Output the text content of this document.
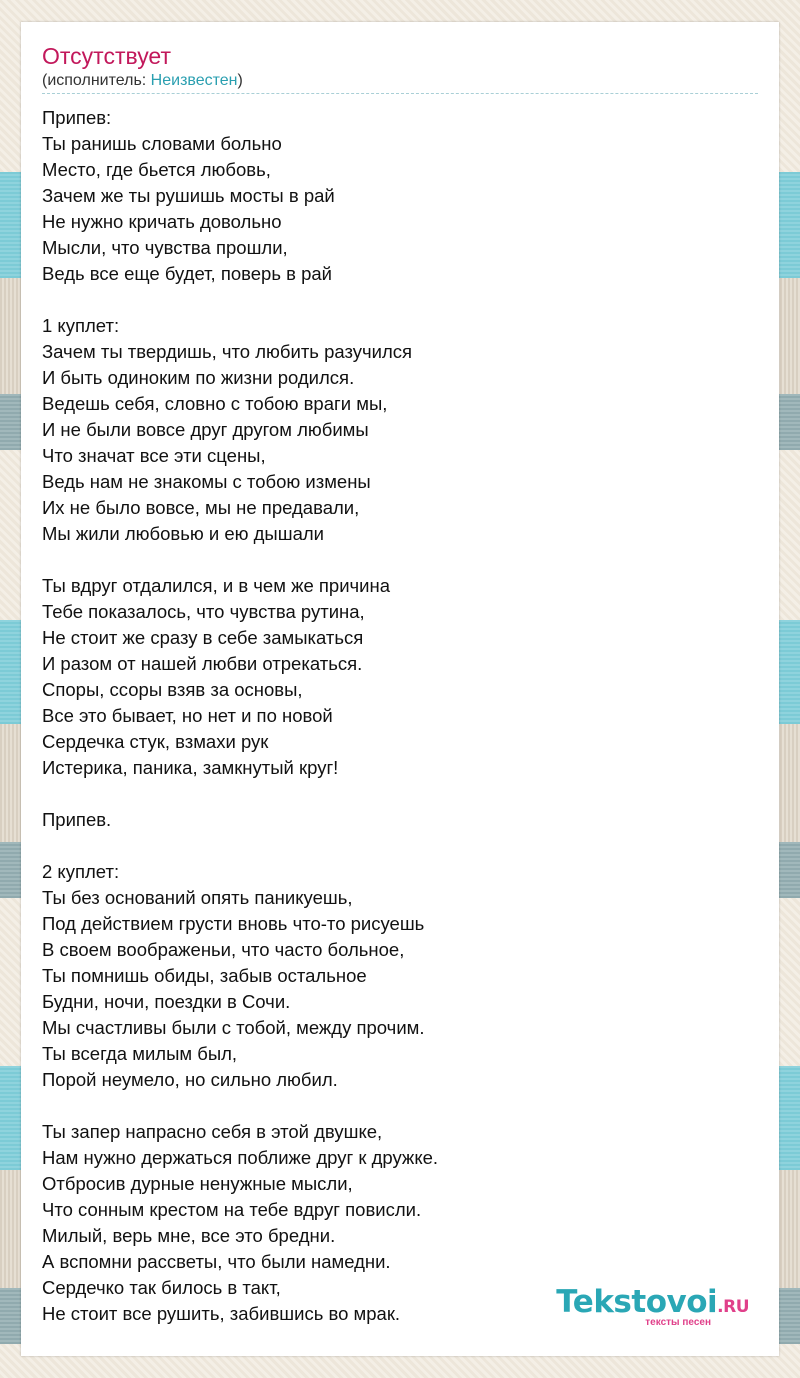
Отсутствует
(исполнитель: Неизвестен)
Припев:
Ты ранишь словами больно
Место, где бьется любовь,
Зачем же ты рушишь мосты в рай
Не нужно кричать довольно
Мысли, что чувства прошли,
Ведь все еще будет, поверь в рай
1 куплет:
Зачем ты твердишь, что любить разучился
И быть одиноким по жизни родился.
Ведешь себя, словно с тобою враги мы,
И не были вовсе друг другом любимы
Что значат все эти сцены,
Ведь нам не знакомы с тобою измены
Их не было вовсе, мы не предавали,
Мы жили любовью и ею дышали
Ты вдруг отдалился, и в чем же причина
Тебе показалось, что чувства рутина,
Не стоит же сразу в себе замыкаться
И разом от нашей любви отрекаться.
Споры, ссоры взяв за основы,
Все это бывает, но нет и по новой
Сердечка стук, взмахи рук
Истерика, паника, замкнутый круг!
Припев.
2 куплет:
Ты без оснований опять паникуешь,
Под действием грусти вновь что-то рисуешь
В своем воображеньи, что часто больное,
Ты помнишь обиды, забыв остальное
Будни, ночи, поездки в Сочи.
Мы счастливы были с тобой, между прочим.
Ты всегда милым был,
Порой неумело, но сильно любил.
Ты запер напрасно себя в этой двушке,
Нам нужно держаться поближе друг к дружке.
Отбросив дурные ненужные мысли,
Что сонным крестом на тебе вдруг повисли.
Милый, верь мне, все это бредни.
А вспомни рассветы, что были намедни.
Сердечко так билось в такт,
Не стоит все рушить, забившись во мрак.	Tekstovoi.RU
тексты песен
